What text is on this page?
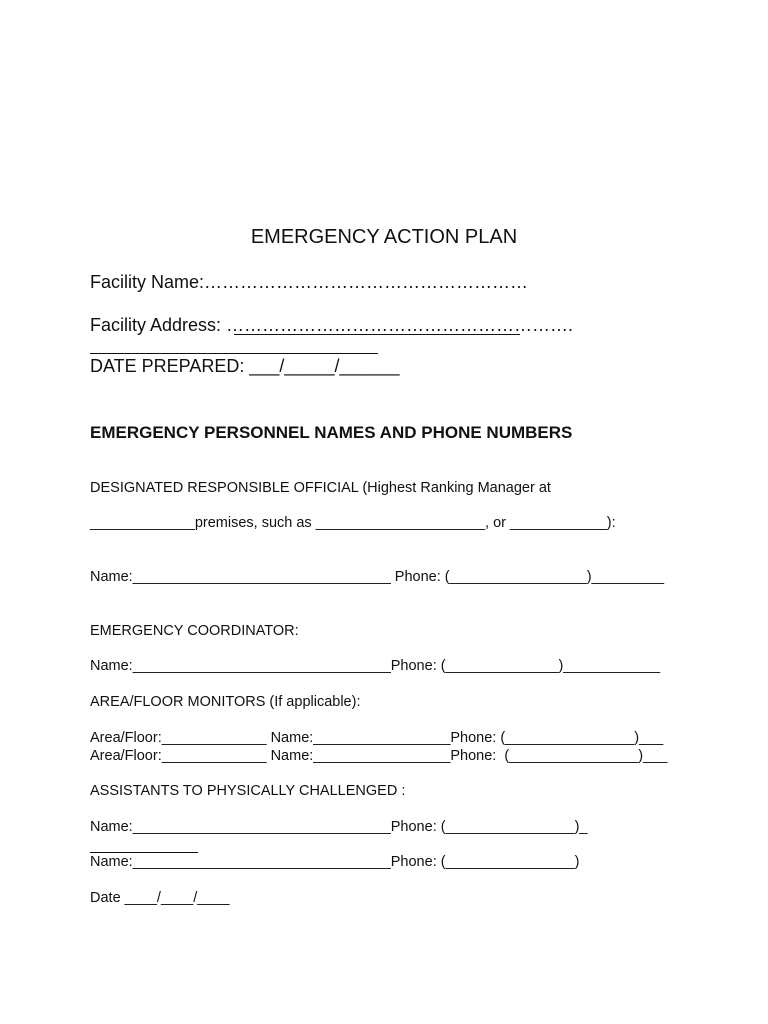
EMERGENCY ACTION PLAN
Facility Name:………………………………………………
Facility Address: ………………………………………………….
DATE PREPARED: ___/_____/______
EMERGENCY PERSONNEL NAMES AND PHONE NUMBERS
DESIGNATED RESPONSIBLE OFFICIAL (Highest Ranking Manager at
_____________premises, such as _____________________, or ____________):
Name:________________________________ Phone: (_________________)_________
EMERGENCY COORDINATOR:
Name:________________________________Phone: (______________)____________
AREA/FLOOR MONITORS (If applicable):
Area/Floor:_____________ Name:_________________Phone: (________________)___
Area/Floor:_____________ Name:_________________Phone:  (________________)___
ASSISTANTS TO PHYSICALLY CHALLENGED :
Name:________________________________Phone: (________________)_
Name:________________________________Phone: (________________)
Date ____/____/____
